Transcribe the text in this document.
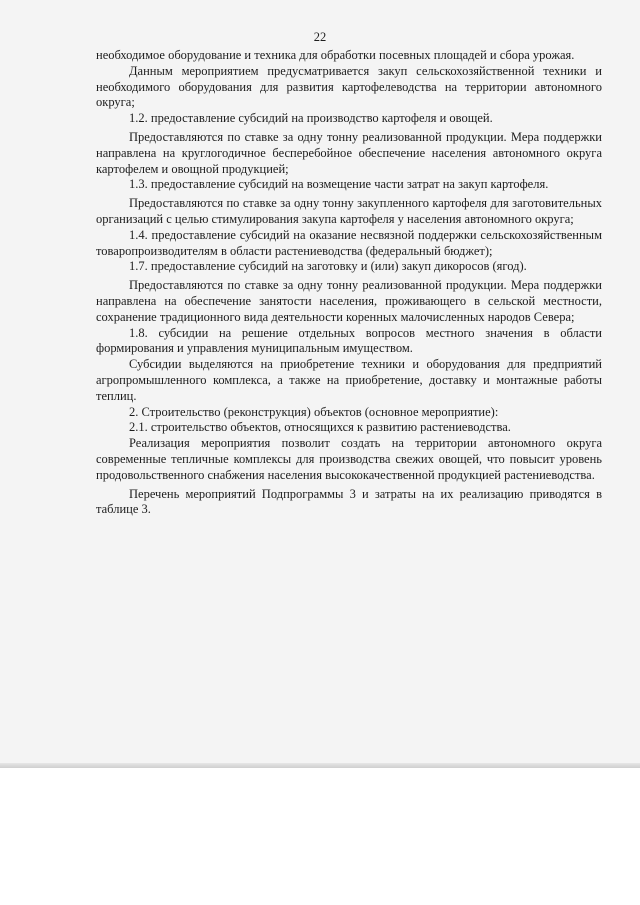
22

необходимое оборудование и техника для обработки посевных площадей и сбора урожая.

Данным мероприятием предусматривается закуп сельскохозяйственной техники и необходимого оборудования для развития картофелеводства на территории автономного округа;

1.2. предоставление субсидий на производство картофеля и овощей.

Предоставляются по ставке за одну тонну реализованной продукции. Мера поддержки направлена на круглогодичное бесперебойное обеспечение населения автономного округа картофелем и овощной продукцией;

1.3. предоставление субсидий на возмещение части затрат на закуп картофеля.

Предоставляются по ставке за одну тонну закупленного картофеля для заготовительных организаций с целью стимулирования закупа картофеля у населения автономного округа;

1.4. предоставление субсидий на оказание несвязной поддержки сельскохозяйственным товаропроизводителям в области растениеводства (федеральный бюджет);

1.7. предоставление субсидий на заготовку и (или) закуп дикоросов (ягод).

Предоставляются по ставке за одну тонну реализованной продукции. Мера поддержки направлена на обеспечение занятости населения, проживающего в сельской местности, сохранение традиционного вида деятельности коренных малочисленных народов Севера;

1.8. субсидии на решение отдельных вопросов местного значения в области формирования и управления муниципальным имуществом.

Субсидии выделяются на приобретение техники и оборудования для предприятий агропромышленного комплекса, а также на приобретение, доставку и монтажные работы теплиц.

2. Строительство (реконструкция) объектов (основное мероприятие):

2.1. строительство объектов, относящихся к развитию растениеводства.

Реализация мероприятия позволит создать на территории автономного округа современные тепличные комплексы для производства свежих овощей, что повысит уровень продовольственного снабжения населения высококачественной продукцией растениеводства.

Перечень мероприятий Подпрограммы 3 и затраты на их реализацию приводятся в таблице 3.
